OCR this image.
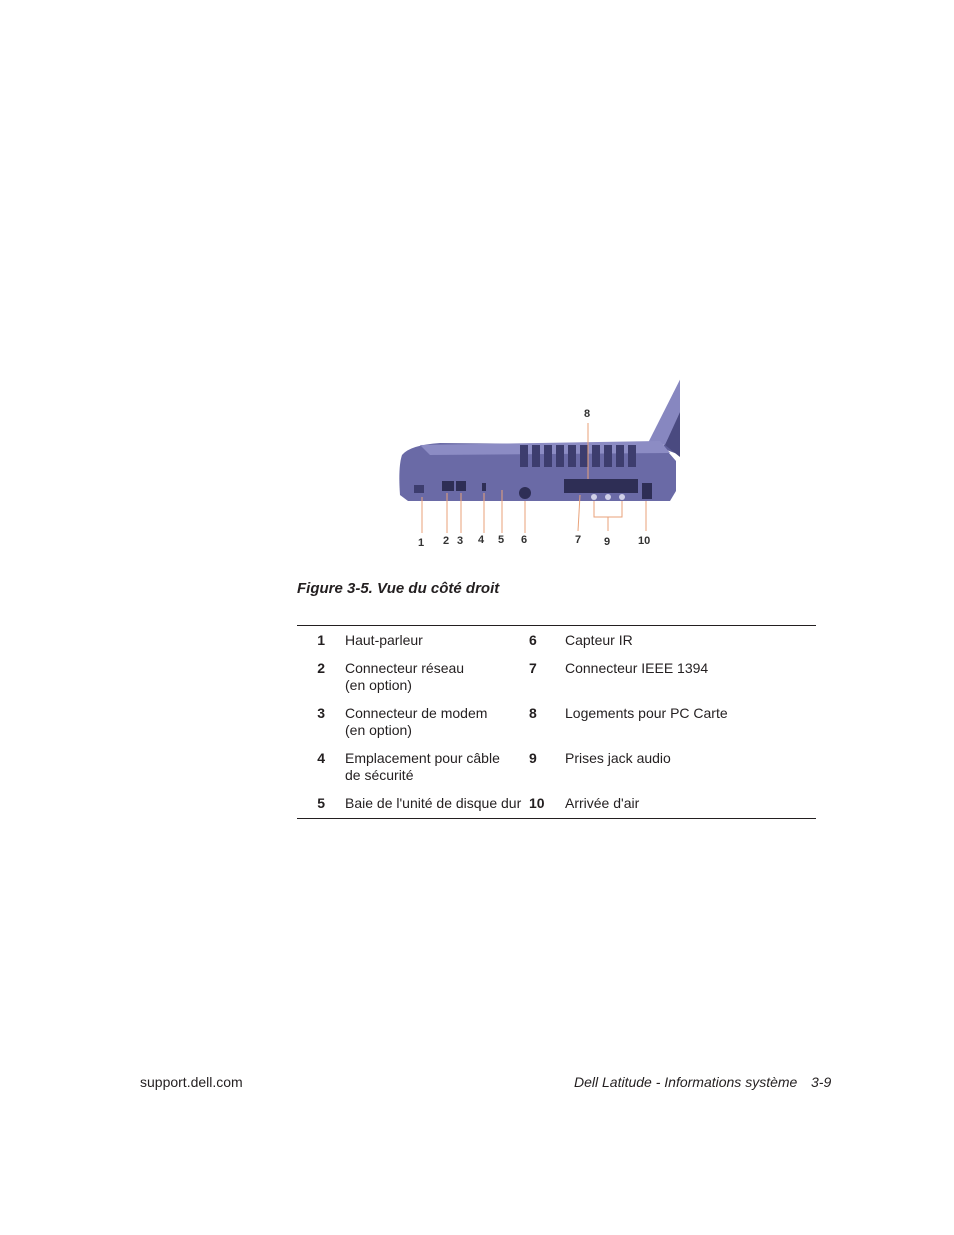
1 2 3 4 5 6	7
8
9	10
Figure 3-5. Vue du côté droit
1 Haut-parleur	6	Capteur IR
2 Connecteur réseau
(en option)
7	Connecteur IEEE 1394
3 Connecteur de modem
(en option)
8	Logements pour PC Carte
4 Emplacement pour câble
de sécurité
9	Prises jack audio
5 Baie de l'unité de disque dur 10	Arrivée d'air
support.dell.com	Dell Latitude - Informations système 3-9
